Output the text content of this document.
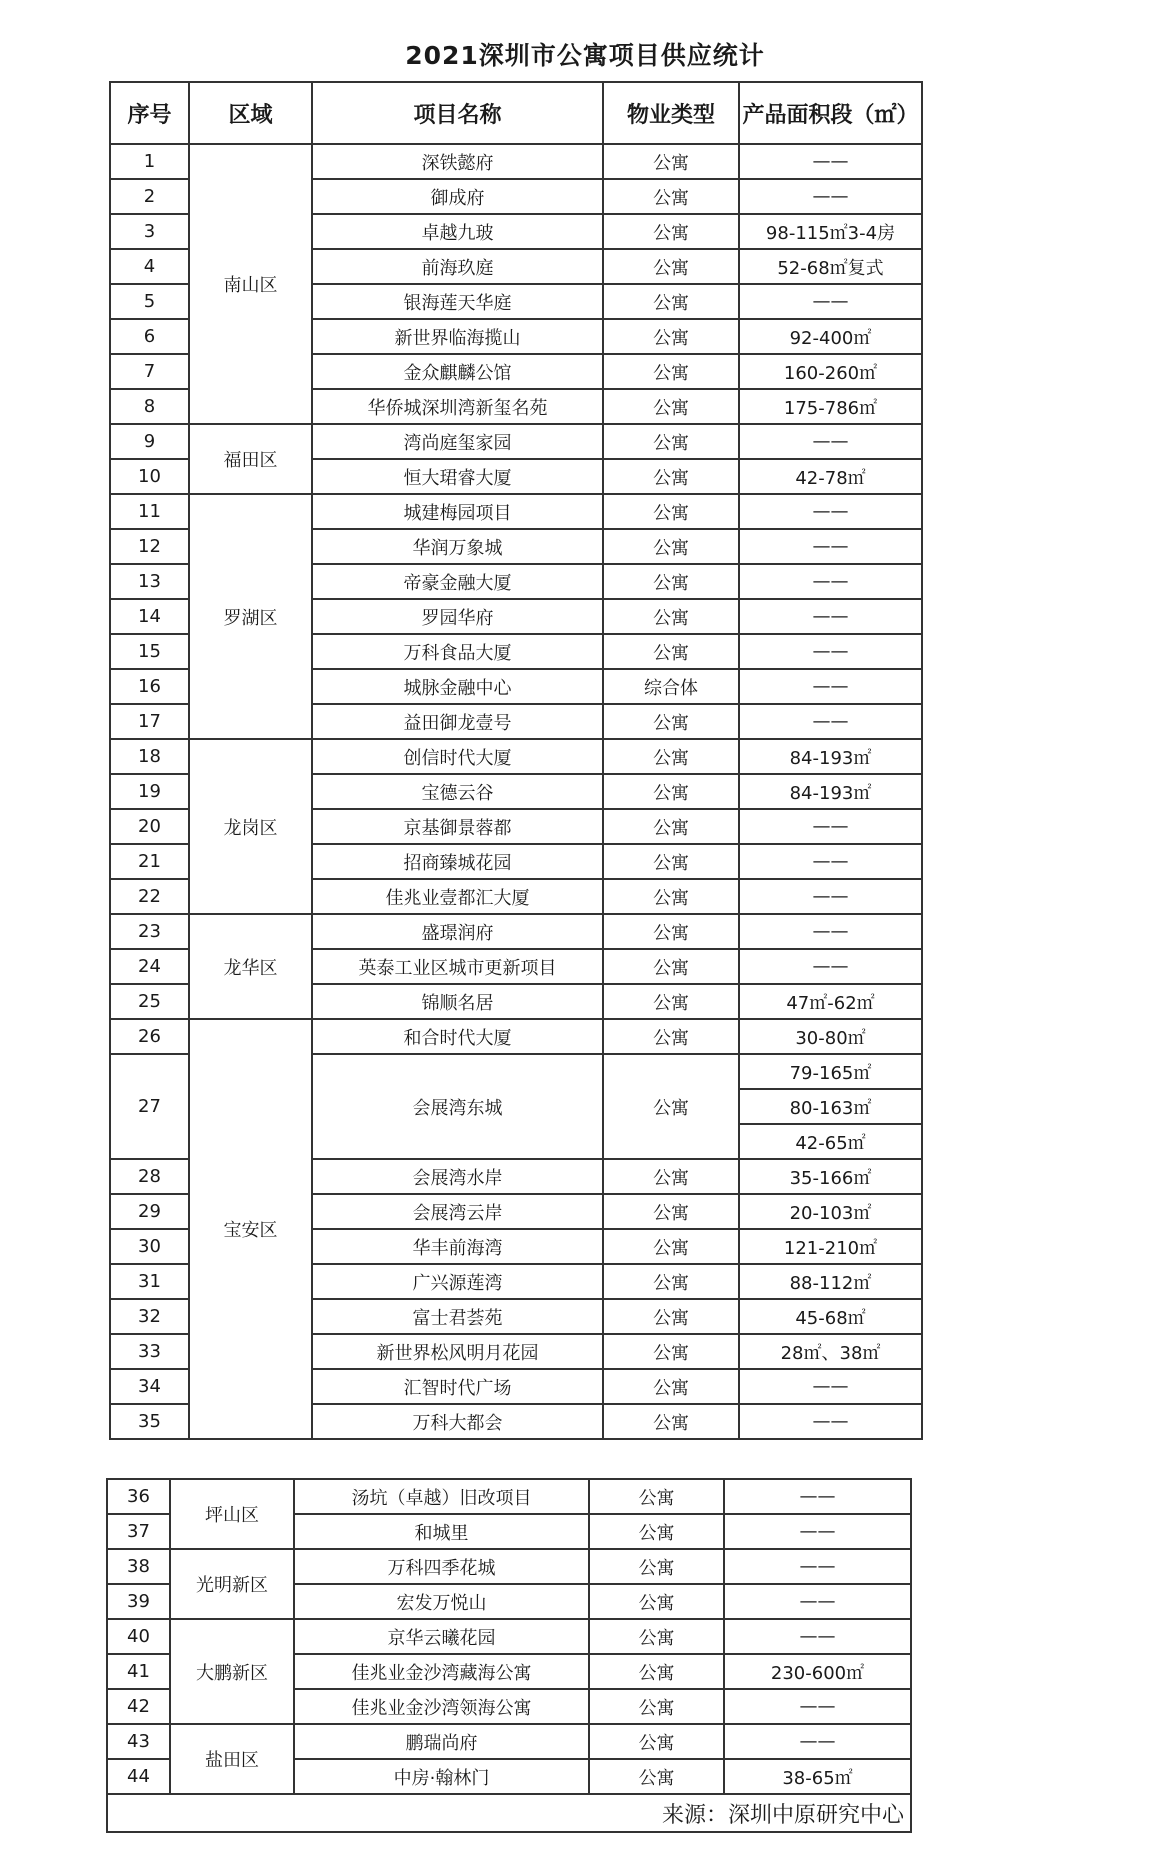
2021深圳市公寓项目供应统计
序号	区域	项目名称	物业类型	产品面积段（㎡）
1	南山区	深铁懿府	公寓	——
2		御成府	公寓	——
3		卓越九玻	公寓	98-115㎡3-4房
4		前海玖庭	公寓	52-68㎡复式
5		银海莲天华庭	公寓	——
6		新世界临海揽山	公寓	92-400㎡
7		金众麒麟公馆	公寓	160-260㎡
8		华侨城深圳湾新玺名苑	公寓	175-786㎡
9	福田区	湾尚庭玺家园	公寓	——
10		恒大珺睿大厦	公寓	42-78㎡
11	罗湖区	城建梅园项目	公寓	——
12		华润万象城	公寓	——
13		帝豪金融大厦	公寓	——
14		罗园华府	公寓	——
15		万科食品大厦	公寓	——
16		城脉金融中心	综合体	——
17		益田御龙壹号	公寓	——
18	龙岗区	创信时代大厦	公寓	84-193㎡
19		宝德云谷	公寓	84-193㎡
20		京基御景蓉都	公寓	——
21		招商臻城花园	公寓	——
22		佳兆业壹都汇大厦	公寓	——
23	龙华区	盛璟润府	公寓	——
24		英泰工业区城市更新项目	公寓	——
25		锦顺名居	公寓	47㎡-62㎡
26	宝安区	和合时代大厦	公寓	30-80㎡
27		会展湾东城	公寓	79-165㎡
				80-163㎡
				42-65㎡
28		会展湾水岸	公寓	35-166㎡
29		会展湾云岸	公寓	20-103㎡
30		华丰前海湾	公寓	121-210㎡
31		广兴源莲湾	公寓	88-112㎡
32		富士君荟苑	公寓	45-68㎡
33		新世界松风明月花园	公寓	28㎡、38㎡
34		汇智时代广场	公寓	——
35		万科大都会	公寓	——
36	坪山区	汤坑（卓越）旧改项目	公寓	——
37		和城里	公寓	——
38	光明新区	万科四季花城	公寓	——
39		宏发万悦山	公寓	——
40	大鹏新区	京华云曦花园	公寓	——
41		佳兆业金沙湾藏海公寓	公寓	230-600㎡
42		佳兆业金沙湾领海公寓	公寓	——
43	盐田区	鹏瑞尚府	公寓	——
44		中房·翰林门	公寓	38-65㎡
来源：深圳中原研究中心				
